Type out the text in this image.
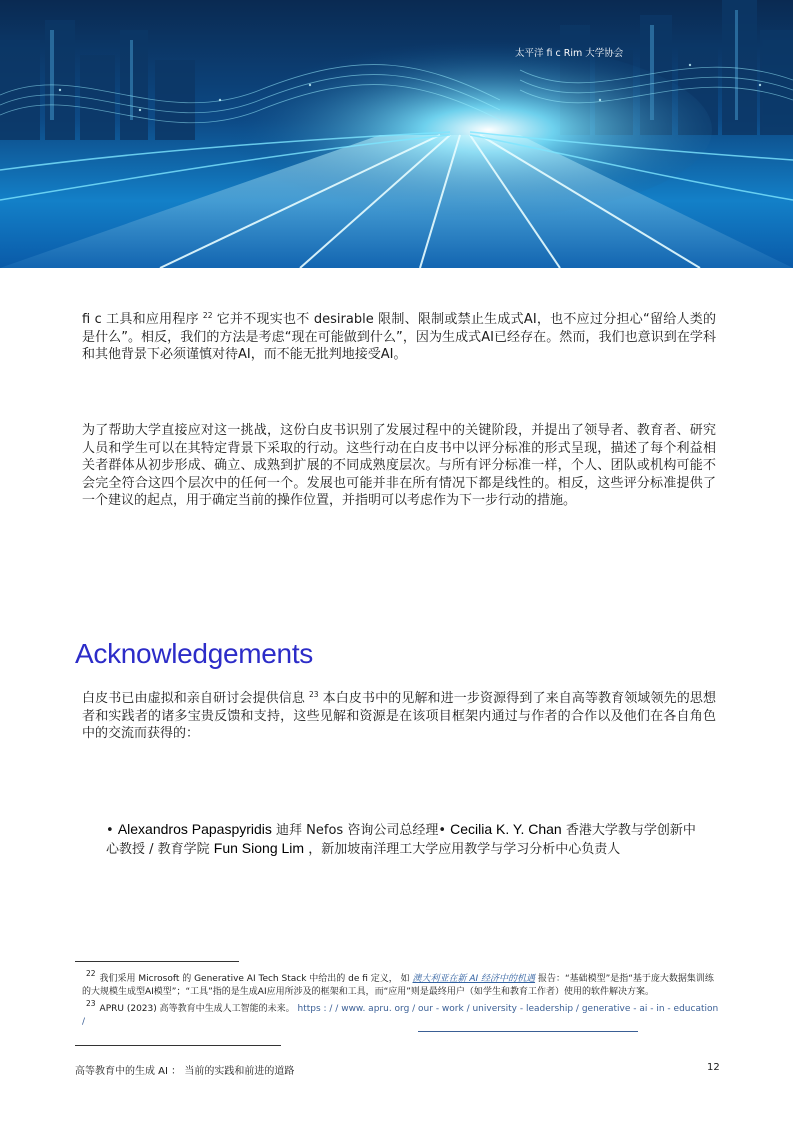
太平洋 fi c Rim 大学协会

fi c 工具和应用程序 $^{22}$ 它并不现实也不 desirable 限制、限制或禁止生成式AI，也不应过分担心“留给人类的是什么”。相反，我们的方法是考虑“现在可能做到什么”，因为生成式AI已经存在。然而，我们也意识到在学科和其他背景下必须谨慎对待AI，而不能无批判地接受AI。

为了帮助大学直接应对这一挑战，这份白皮书识别了发展过程中的关键阶段，并提出了领导者、教育者、研究人员和学生可以在其特定背景下采取的行动。这些行动在白皮书中以评分标准的形式呈现，描述了每个利益相关者群体从初步形成、确立、成熟到扩展的不同成熟度层次。与所有评分标准一样，个人、团队或机构可能不会完全符合这四个层次中的任何一个。发展也可能并非在所有情况下都是线性的。相反，这些评分标准提供了一个建议的起点，用于确定当前的操作位置，并指明可以考虑作为下一步行动的措施。

Acknowledgements

白皮书已由虚拟和亲自研讨会提供信息 $^{23}$ 本白皮书中的见解和进一步资源得到了来自高等教育领域领先的思想者和实践者的诸多宝贵反馈和支持，这些见解和资源是在该项目框架内通过与作者的合作以及他们在各自角色中的交流而获得的：

• Alexandros Papaspyridis 迪拜 Nefos 咨询公司总经理• Cecilia K. Y. Chan 香港大学教与学创新中心教授 / 教育学院 Fun Siong Lim ，新加坡南洋理工大学应用教学与学习分析中心负责人

$^{22}$我们采用 Microsoft 的 Generative AI Tech Stack 中给出的 de fi 定义， 如 澳大利亚在新 AI 经济中的机遇 报告：“基础模型”是指“基于庞大数据集训练的大规模生成型AI模型”；“工具”指的是生成AI应用所涉及的框架和工具，而“应用”则是最终用户（如学生和教育工作者）使用的软件解决方案。

$^{23}$APRU (2023) 高等教育中生成人工智能的未来。 https : / / www. apru. org / our - work / university - leadership / generative - ai - in - education /

高等教育中的生成 AI ： 当前的实践和前进的道路	12
